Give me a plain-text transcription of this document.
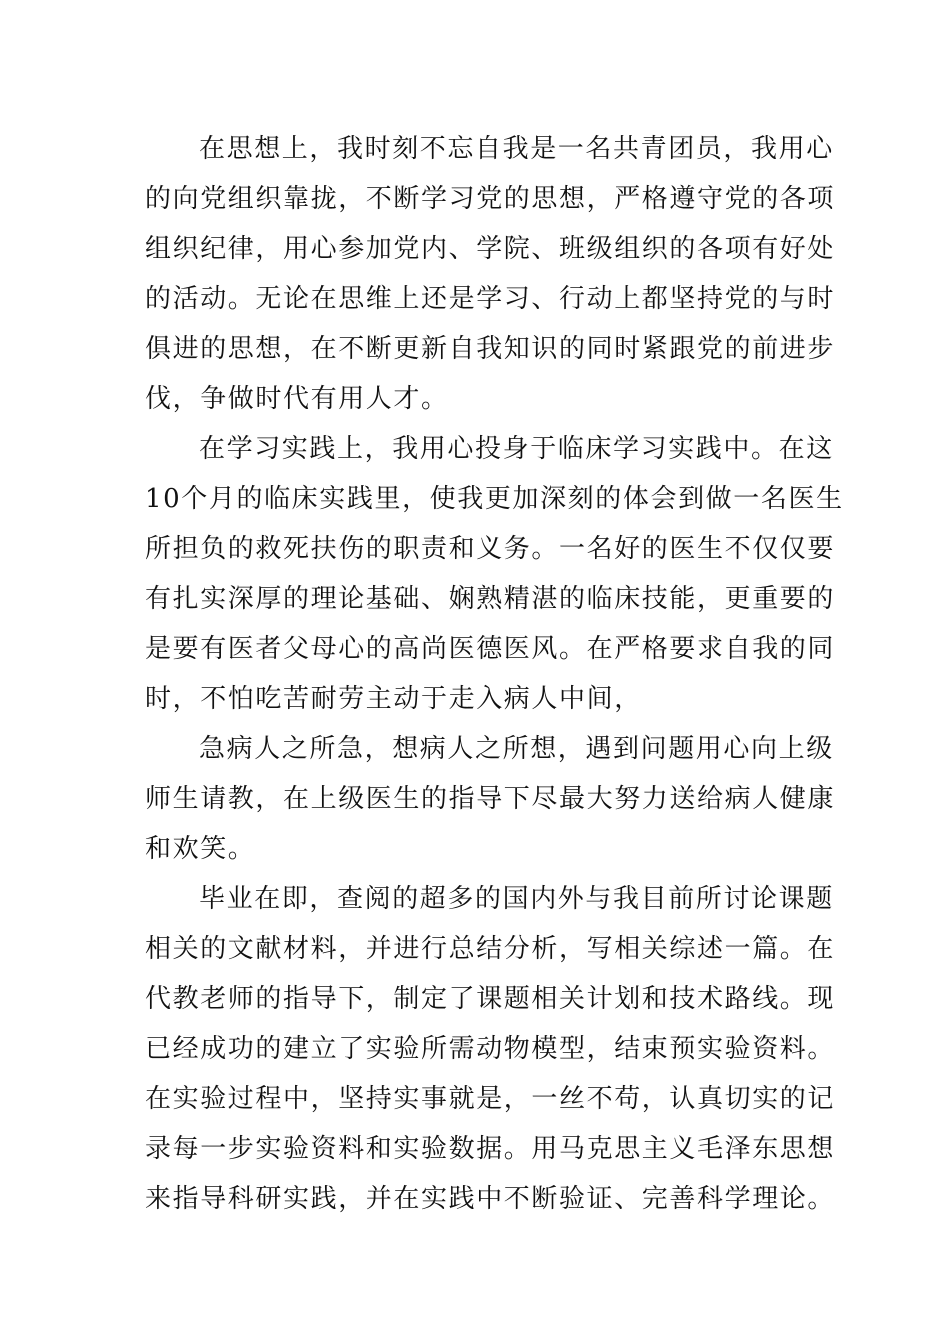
在思想上，我时刻不忘自我是一名共青团员，我用心
的向党组织靠拢，不断学习党的思想，严格遵守党的各项
组织纪律，用心参加党内、学院、班级组织的各项有好处
的活动。无论在思维上还是学习、行动上都坚持党的与时
俱进的思想，在不断更新自我知识的同时紧跟党的前进步
伐，争做时代有用人才。
在学习实践上，我用心投身于临床学习实践中。在这
10个月的临床实践里，使我更加深刻的体会到做一名医生
所担负的救死扶伤的职责和义务。一名好的医生不仅仅要
有扎实深厚的理论基础、娴熟精湛的临床技能，更重要的
是要有医者父母心的高尚医德医风。在严格要求自我的同
时，不怕吃苦耐劳主动于走入病人中间，
急病人之所急，想病人之所想，遇到问题用心向上级
师生请教，在上级医生的指导下尽最大努力送给病人健康
和欢笑。
毕业在即，查阅的超多的国内外与我目前所讨论课题
相关的文献材料，并进行总结分析，写相关综述一篇。在
代教老师的指导下，制定了课题相关计划和技术路线。现
已经成功的建立了实验所需动物模型，结束预实验资料。
在实验过程中，坚持实事就是，一丝不苟，认真切实的记
录每一步实验资料和实验数据。用马克思主义毛泽东思想
来指导科研实践，并在实践中不断验证、完善科学理论。
